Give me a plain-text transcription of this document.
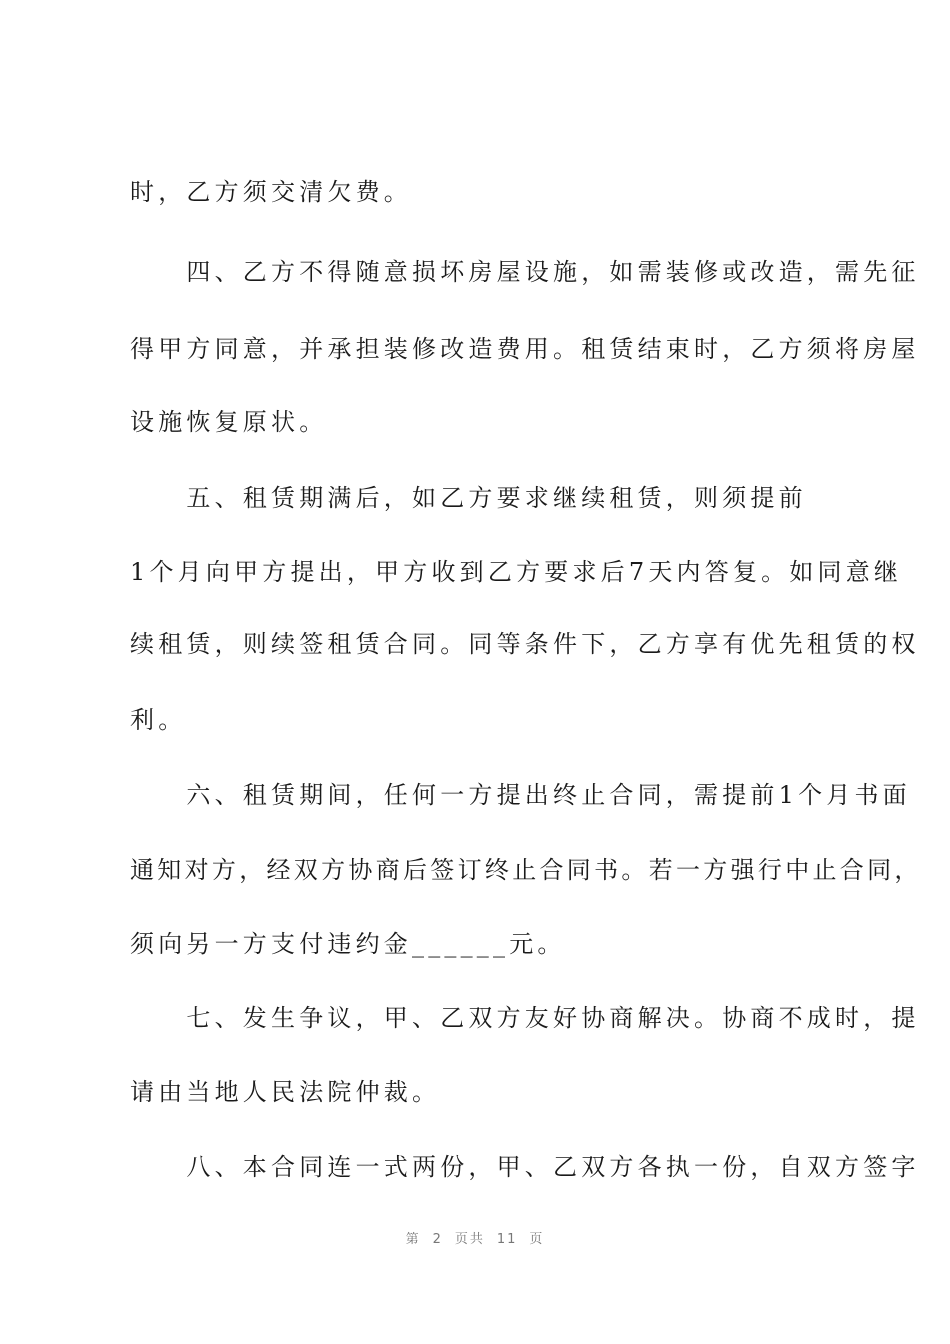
时，乙方须交清欠费。
　　四、乙方不得随意损坏房屋设施，如需装修或改造，需先征
得甲方同意，并承担装修改造费用。租赁结束时，乙方须将房屋
设施恢复原状。
　　五、租赁期满后，如乙方要求继续租赁，则须提前
1个月向甲方提出，甲方收到乙方要求后7天内答复。如同意继
续租赁，则续签租赁合同。同等条件下，乙方享有优先租赁的权
利。
　　六、租赁期间，任何一方提出终止合同，需提前1个月书面
通知对方，经双方协商后签订终止合同书。若一方强行中止合同，
须向另一方支付违约金______元。
　　七、发生争议，甲、乙双方友好协商解决。协商不成时，提
请由当地人民法院仲裁。
　　八、本合同连一式两份，甲、乙双方各执一份，自双方签字
第 2 页共 11 页
